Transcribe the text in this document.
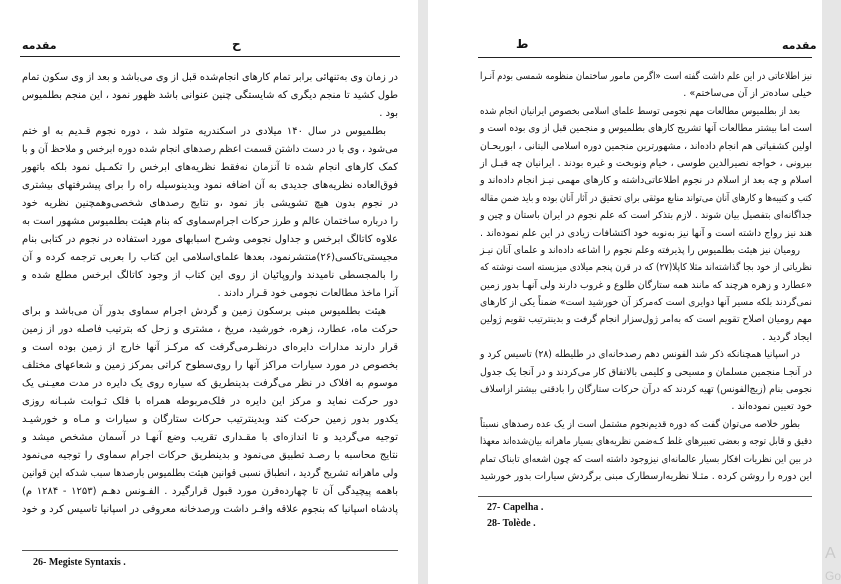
مقدمه	ح
در زمان وی به‌تنهائی برابر تمام کارهای انجام‌شده قبل از وی می‌باشد و بعد از وی سکون تمام
طول کشید تا منجم دیگری که شایستگی چنین عنوانی باشد ظهور نمود ، این منجم بطلمیوس
بود .
بطلمیوس در سال ۱۴۰ میلادی در اسکندریه متولد شد ، دوره نجوم قـدیم به او ختم
می‌شود ، وی با در دست داشتن قسمت اعظم رصدهای انجام شده دوره ابرخس و ملاحظ آن و با
کمک کارهای انجام شده تا آنزمان نه‌فقط نظریه‌های ابرخس را تکمـیل نمود بلکه باتهور
فوق‌العاده نظریه‌های جدیدی به آن اضافه نمود وبدینوسیله راه را برای پیشرفتهای بیشتری
در نجوم بدون هیچ تشویشی باز نمود ،و نتایج رصدهای شخصی‌وهمچنین نظریه خود
را درباره ساختمان عالم و طرز حرکات اجرام‌سماوی که بنام هیئت بطلمیوس مشهور است به
علاوه کاتالگ ابرخس و جداول نجومی وشرح اسبابهای مورد استفاده در نجوم در کتابی بنام
مجیستی‌تاکسی(۲۶)منتشرنمود، بعدها علمای‌اسلامی این کتاب را بعربی ترجمه کرده و آن
را بالمجسطی نامیدند واروپائیان از روی این کتاب از وجود کاتالگ ابرخس مطلع شده و
آنرا ماخذ مطالعات نجومی خود قـرار دادند .
هیئت بطلمیوس مبنی برسکون زمین و گردش اجرام سماوی بدور آن می‌باشد و برای
حرکت ماه، عطارد، زهره، خورشید، مریخ ، مشتری و زحل که بترتیب فاصله دور از زمین
قرار دارند مدارات دایره‌ای درنظـرمی‌گرفت که مرکـز آنها خارج از زمین بوده است و
بخصوص در مورد سیارات مراکز آنها را روی‌سطوح کراتی بمرکز زمین و شعاعهای مختلف
موسوم به افلاک در نظر می‌گرفت بدینطریق که سیاره روی یک دایره در مدت معیـنی یک
دور حرکت نماید و مرکز این دایره در فلک‌مربوطه همراه با فلک ثـوابت شبـانه روزی
یکدور بدور زمین حرکت کند وبدینترتیب حرکات ستارگان و سیارات و مـاه و خورشیـد
توجیه می‌گردید و تا اندازه‌ای با مقـداری تقریب وضع آنهـا در آسمان مشخص میشد و
نتایج محاسبه با رصـد تطبیق می‌نمود و بدینطریق حرکات اجرام سماوی را توجیه می‌نمود
ولی ماهرانه تشریح گردید ، انطباق نسبی قوانین هیئت بطلمیوس بارصدها سبب شدکه این قوانین
باهمه پیچیدگی آن تا چهارده‌قرن مورد قبول قرارگیرد . الفـونس دهـم (۱۲۵۳ - ۱۲۸۴ م)
پادشاه اسپانیا که بنجوم علاقه وافـر داشت ورصدخانه معروفی در اسپانیا تاسیس کرد و خود
26- Megiste Syntaxis .
ط	مقدمه
نیز اطلاعاتی در این علم داشت گفته است «اگرمن مامور ساختمان منظومه شمسی بودم آنـرا
خیلی ساده‌تر از آن می‌ساختم» .
بعد از بطلمیوس مطالعات مهم نجومی توسط علمای اسلامی بخصوص ایرانیان انجام شده
است اما بیشتر مطالعات آنها تشریح کارهای بطلمیوس و منجمین قبل از وی بوده است و
اولین کشفیاتی هم انجام داده‌اند ، مشهورترین منجمین دوره اسلامی البتانی ، ابوریحـان
بیرونی ، خواجه نصیرالدین طوسی ، خیام ونوبخت و غیره بودند . ایرانیان چه قبـل از
اسلام و چه بعد از اسلام در نجوم اطلاعاتی‌داشته و کارهای مهمی نیـز انجام داده‌اند و
کتب و کتیبه‌ها و کارهای آنان می‌تواند منابع موثقی برای تحقیق در آثار آنان بوده و باید ضمن مقاله
جداگانه‌ای بتفصیل بیان شوند . لازم بتذکر است که علم نجوم در ایران باستان و چین و
هند نیز رواج داشته است و آنها نیز به‌نوبه خود اکتشافات زیادی در این علم نموده‌اند .
رومیان نیز هیئت بطلمیوس را پذیرفته وعلم نجوم را اشاعه داده‌اند و علمای آنان نیـز
نظریاتی از خود بجا گذاشته‌اند مثلا کاپلا(۲۷) که در قرن پنجم میلادی میزیسته است نوشته که
«عطارد و زهره هرچند که مانند همه ستارگان طلوع و غروب دارند ولی آنهـا بدور زمین
نمی‌گردند بلکه مسیر آنها دوایری است که‌مرکز آن خورشید است» ضمناً یکی از کارهای
مهم رومیان اصلاح تقویم است که به‌امر ژول‌سزار انجام گرفت و بدینترتیب تقویم ژولین
ایجاد گردید .
در اسپانیا همچنانکه ذکر شد الفونس دهم رصدخانه‌ای در طلیطله (۲۸) تاسیس کرد و
در آنجـا منجمین مسلمان و مسیحی و کلیمی بالاتفاق کار می‌کردند و در آنجا یک جدول
نجومی بنام (زیج‌الفونس) تهیه کردند که درآن حرکات ستارگان را بادقتی بیشتر ازاسلاف
خود تعیین نموده‌اند .
بطور خلاصه می‌توان گفت که دوره قدیم‌نجوم مشتمل است از یک عده رصدهای نسبتاً
دقیق و قابل توجه و بعضی تعبیرهای غلط کـه‌ضمن نظریه‌های بسیار ماهرانه بیان‌شده‌اند معهذا
در بین این نظریات افکار بسیار عالمانه‌ای نیزوجود داشته است که چون اشعه‌ای تابناک تمام
این دوره را روشن کرده . مثـلا نظریه‌ارسطارک مبنی برگردش سیارات بدور خورشید
27- Capelha .
28- Tolède .
A
Go
